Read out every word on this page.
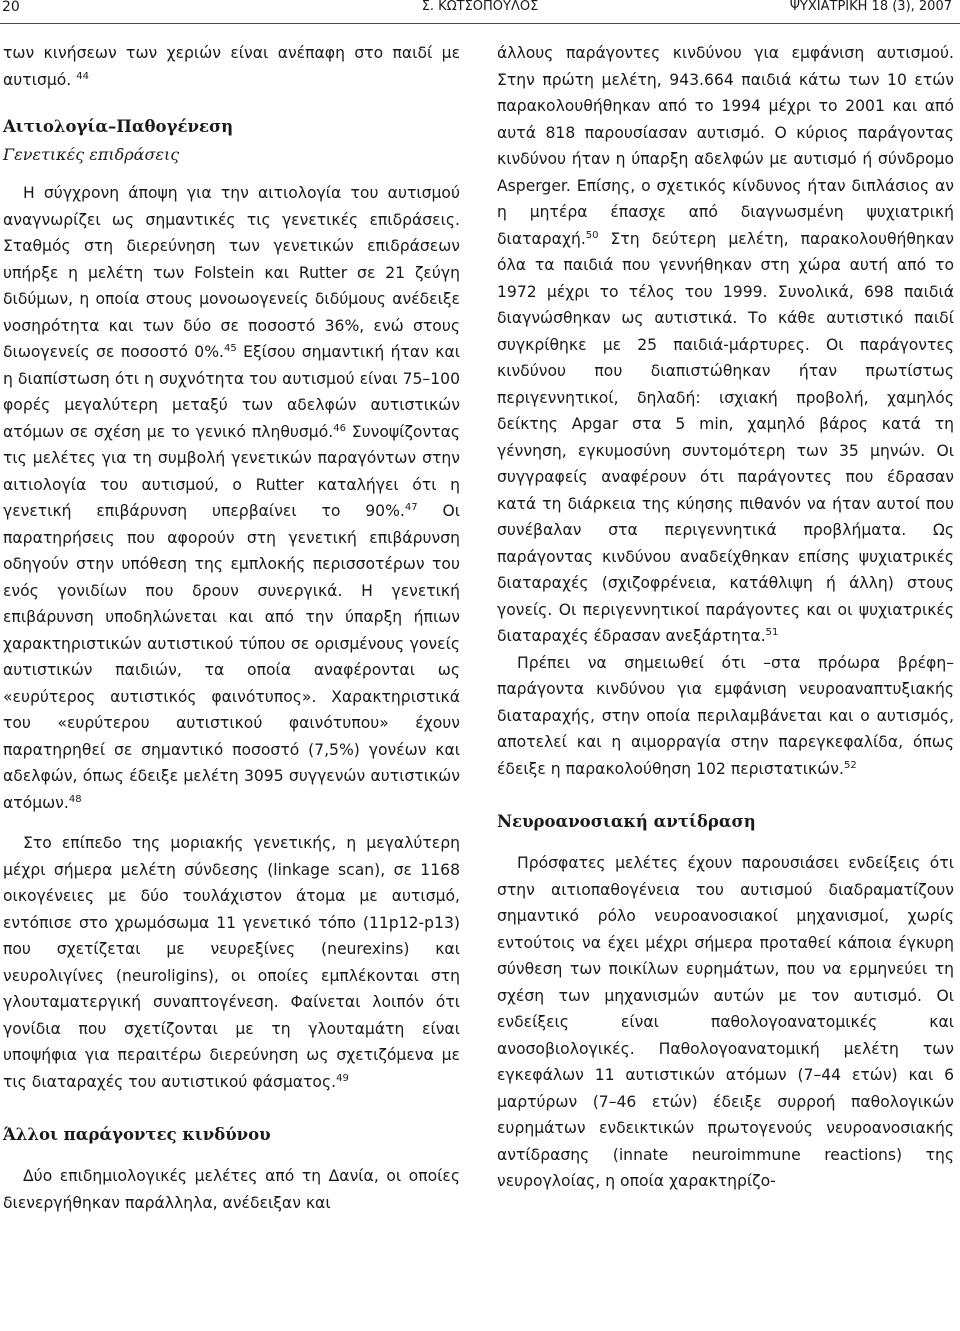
20	Σ. ΚΩΤΣΟΠΟΥΛΟΣ	ΨΥΧΙΑΤΡΙΚΗ 18 (3), 2007

των κινήσεων των χεριών είναι ανέπαφη στο παιδί με αυτισμό. $^{44}$

Αιτιολογία–Παθογένεση
Γενετικές επιδράσεις

Η σύγχρονη άποψη για την αιτιολογία του αυτισμού αναγνωρίζει ως σημαντικές τις γενετικές επιδράσεις. Σταθμός στη διερεύνηση των γενετικών επιδράσεων υπήρξε η μελέτη των Folstein και Rutter σε 21 ζεύγη διδύμων, η οποία στους μονοωογενείς διδύμους ανέδειξε νοσηρότητα και των δύο σε ποσοστό 36%, ενώ στους διωογενείς σε ποσοστό 0%.$^{45}$ Εξίσου σημαντική ήταν και η διαπίστωση ότι η συχνότητα του αυτισμού είναι 75–100 φορές μεγαλύτερη μεταξύ των αδελφών αυτιστικών ατόμων σε σχέση με το γενικό πληθυσμό.$^{46}$ Συνοψίζοντας τις μελέτες για τη συμβολή γενετικών παραγόντων στην αιτιολογία του αυτισμού, ο Rutter καταλήγει ότι η γενετική επιβάρυνση υπερβαίνει το 90%.$^{47}$ Οι παρατηρήσεις που αφορούν στη γενετική επιβάρυνση οδηγούν στην υπόθεση της εμπλοκής περισσοτέρων του ενός γονιδίων που δρουν συνεργικά. Η γενετική επιβάρυνση υποδηλώνεται και από την ύπαρξη ήπιων χαρακτηριστικών αυτιστικού τύπου σε ορισμένους γονείς αυτιστικών παιδιών, τα οποία αναφέρονται ως «ευρύτερος αυτιστικός φαινότυπος». Χαρακτηριστικά του «ευρύτερου αυτιστικού φαινότυπου» έχουν παρατηρηθεί σε σημαντικό ποσοστό (7,5%) γονέων και αδελφών, όπως έδειξε μελέτη 3095 συγγενών αυτιστικών ατόμων.$^{48}$

Στο επίπεδο της μοριακής γενετικής, η μεγαλύτερη μέχρι σήμερα μελέτη σύνδεσης (linkage scan), σε 1168 οικογένειες με δύο τουλάχιστον άτομα με αυτισμό, εντόπισε στο χρωμόσωμα 11 γενετικό τόπο (11p12-p13) που σχετίζεται με νευρεξίνες (neurexins) και νευρολιγίνες (neuroligins), οι οποίες εμπλέκονται στη γλουταματεργική συναπτογένεση. Φαίνεται λοιπόν ότι γονίδια που σχετίζονται με τη γλουταμάτη είναι υποψήφια για περαιτέρω διερεύνηση ως σχετιζόμενα με τις διαταραχές του αυτιστικού φάσματος.$^{49}$

Άλλοι παράγοντες κινδύνου

Δύο επιδημιολογικές μελέτες από τη Δανία, οι οποίες διενεργήθηκαν παράλληλα, ανέδειξαν και

άλλους παράγοντες κινδύνου για εμφάνιση αυτισμού. Στην πρώτη μελέτη, 943.664 παιδιά κάτω των 10 ετών παρακολουθήθηκαν από το 1994 μέχρι το 2001 και από αυτά 818 παρουσίασαν αυτισμό. Ο κύριος παράγοντας κινδύνου ήταν η ύπαρξη αδελφών με αυτισμό ή σύνδρομο Asperger. Επίσης, ο σχετικός κίνδυνος ήταν διπλάσιος αν η μητέρα έπασχε από διαγνωσμένη ψυχιατρική διαταραχή.$^{50}$ Στη δεύτερη μελέτη, παρακολουθήθηκαν όλα τα παιδιά που γεννήθηκαν στη χώρα αυτή από το 1972 μέχρι το τέλος του 1999. Συνολικά, 698 παιδιά διαγνώσθηκαν ως αυτιστικά. Το κάθε αυτιστικό παιδί συγκρίθηκε με 25 παιδιά-μάρτυρες. Οι παράγοντες κινδύνου που διαπιστώθηκαν ήταν πρωτίστως περιγεννητικοί, δηλαδή: ισχιακή προβολή, χαμηλός δείκτης Apgar στα 5 min, χαμηλό βάρος κατά τη γέννηση, εγκυμοσύνη συντομότερη των 35 μηνών. Οι συγγραφείς αναφέρουν ότι παράγοντες που έδρασαν κατά τη διάρκεια της κύησης πιθανόν να ήταν αυτοί που συνέβαλαν στα περιγεννητικά προβλήματα. Ως παράγοντας κινδύνου αναδείχθηκαν επίσης ψυχιατρικές διαταραχές (σχιζοφρένεια, κατάθλιψη ή άλλη) στους γονείς. Οι περιγεννητικοί παράγοντες και οι ψυχιατρικές διαταραχές έδρασαν ανεξάρτητα.$^{51}$

Πρέπει να σημειωθεί ότι –στα πρόωρα βρέφη– παράγοντα κινδύνου για εμφάνιση νευροαναπτυξιακής διαταραχής, στην οποία περιλαμβάνεται και ο αυτισμός, αποτελεί και η αιμορραγία στην παρεγκεφαλίδα, όπως έδειξε η παρακολούθηση 102 περιστατικών.$^{52}$

Νευροανοσιακή αντίδραση

Πρόσφατες μελέτες έχουν παρουσιάσει ενδείξεις ότι στην αιτιοπαθογένεια του αυτισμού διαδραματίζουν σημαντικό ρόλο νευροανοσιακοί μηχανισμοί, χωρίς εντούτοις να έχει μέχρι σήμερα προταθεί κάποια έγκυρη σύνθεση των ποικίλων ευρημάτων, που να ερμηνεύει τη σχέση των μηχανισμών αυτών με τον αυτισμό. Οι ενδείξεις είναι παθολογοανατομικές και ανοσοβιολογικές. Παθολογοανατομική μελέτη των εγκεφάλων 11 αυτιστικών ατόμων (7–44 ετών) και 6 μαρτύρων (7–46 ετών) έδειξε συρροή παθολογικών ευρημάτων ενδεικτικών πρωτογενούς νευροανοσιακής αντίδρασης (innate neuroimmune reactions) της νευρογλοίας, η οποία χαρακτηρίζο-
